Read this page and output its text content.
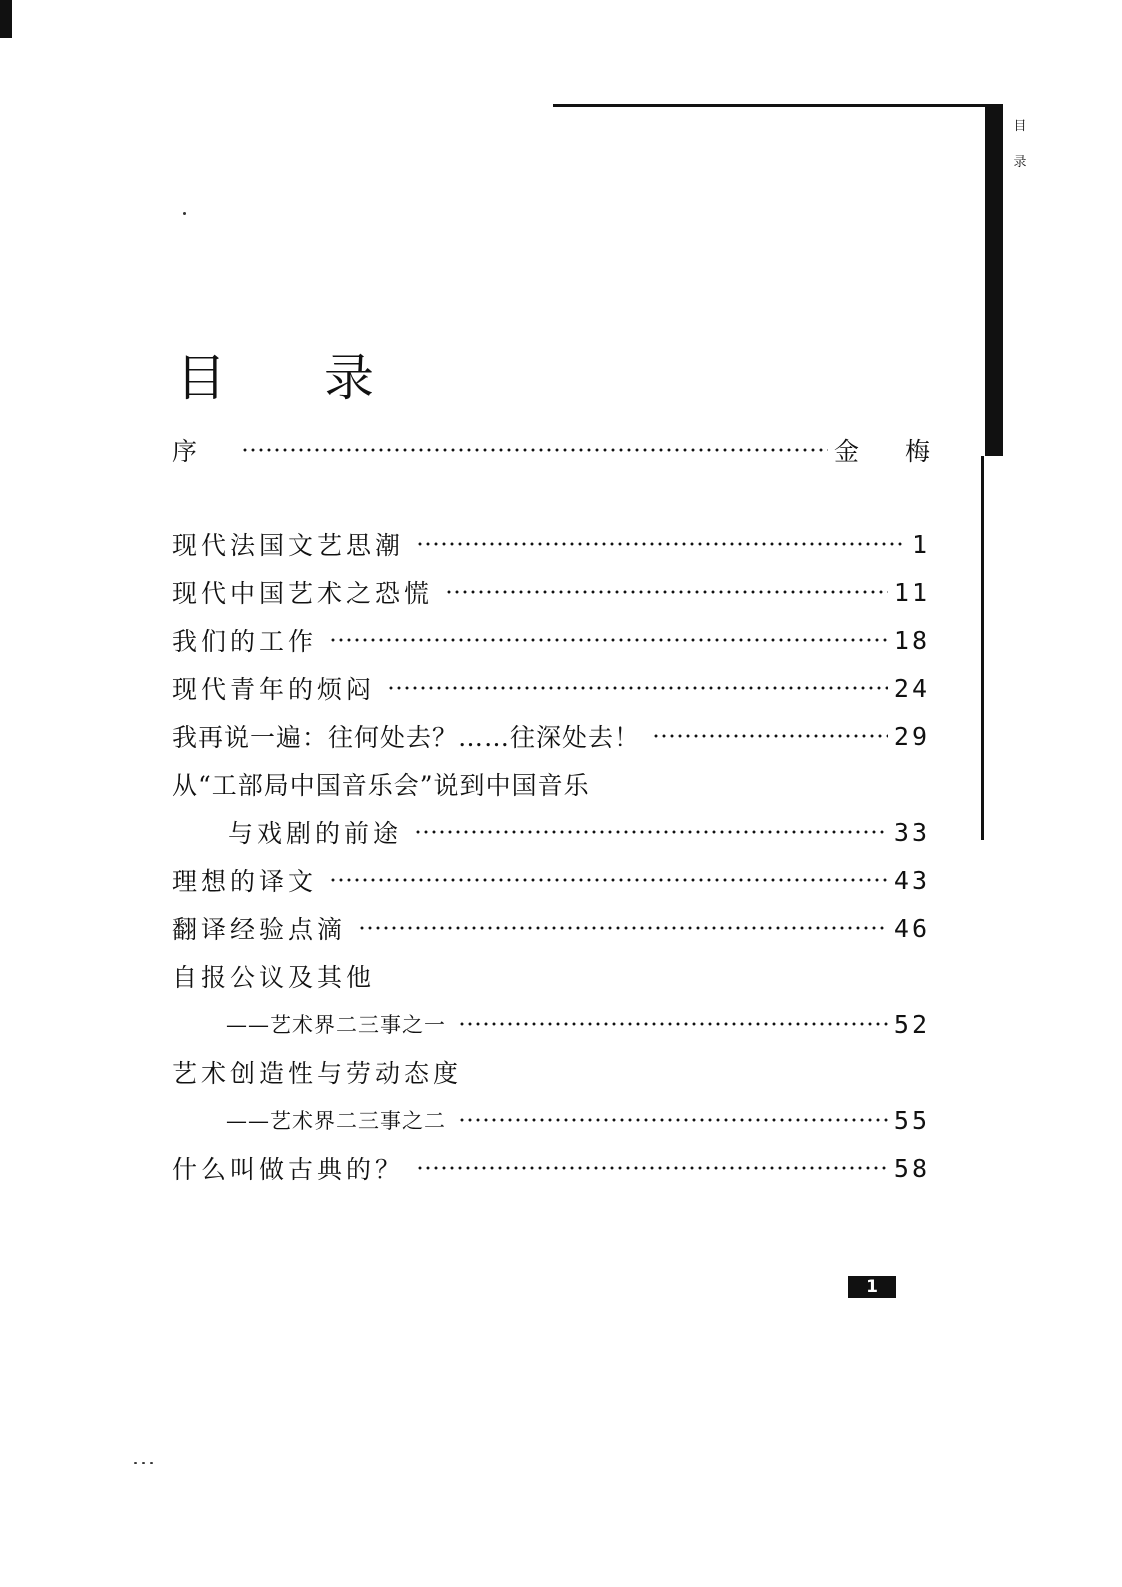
目
录
目 录
序	金 梅
现代法国文艺思潮	1
现代中国艺术之恐慌	11
我们的工作	18
现代青年的烦闷	24
我再说一遍：往何处去？……往深处去！	29
从“工部局中国音乐会”说到中国音乐
与戏剧的前途	33
理想的译文	43
翻译经验点滴	46
自报公议及其他
——艺术界二三事之一	52
艺术创造性与劳动态度
——艺术界二三事之二	55
什么叫做古典的？	58
1
